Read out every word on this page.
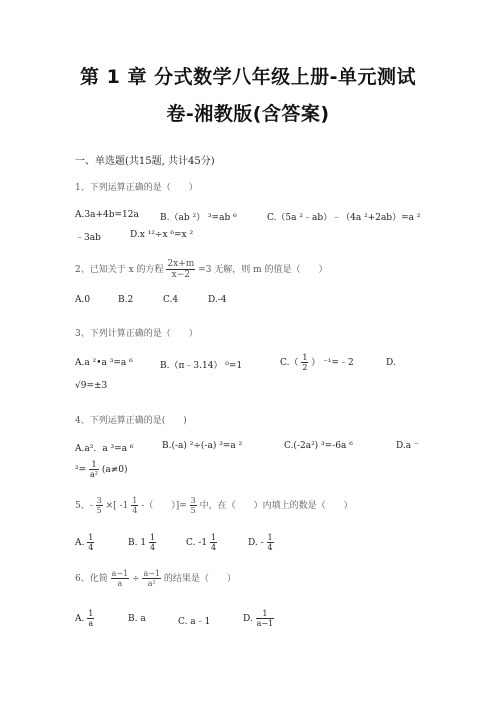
第 1 章 分式数学八年级上册-单元测试
卷-湘教版(含答案)
一、单选题(共15题, 共计45分)
1、下列运算正确的是（　　）
A.3a+4b=12a B.（ab ²） ³=ab ⁶	C.（5a ²﹣ab）﹣（4a ²+2ab）=a ²
﹣3ab	D.x ¹²÷x ⁶=x ²
2、已知关于 x 的方程 $\frac{2x+m}{x-2} =3$ 无解，则 m 的值是（　　）
A.0	B.2	C.4	D.-4
3、下列计算正确的是（　　）
A.a ²•a ³=a ⁶	B.（π﹣3.14） ⁰=1	$C.( \frac{1}{2}$ ） ⁻¹=﹣2	D.
√9=±3
4、下列运算正确的是(　　)
A.a²．a ³=a ⁶	B.(-a) ²÷(-a) ³=a ²	C.(-2a²) ³=-6a ⁶	D.a ⁻
$^2= \frac{1}{\text{a²}} (a\ne 0)$
5、- $\frac{3}{5}$ ×[ $-1 \frac{1}{4}$ -（　　）]= $\frac{3}{5}$ 中，在（　　）内填上的数是（　　）
A. $\frac{1}{4}$	B. $1 \frac{1}{4}$	C. $-1 \frac{1}{4}$	D. - $\frac{1}{4}$
6、化简 $\frac{a-1}{a} \div \frac{a-1}{\text{a²}}$ 的结果是（　　）
A. $\frac{1}{a}$	B. a	C. a﹣1	D. $\frac{1}{a-1}$
